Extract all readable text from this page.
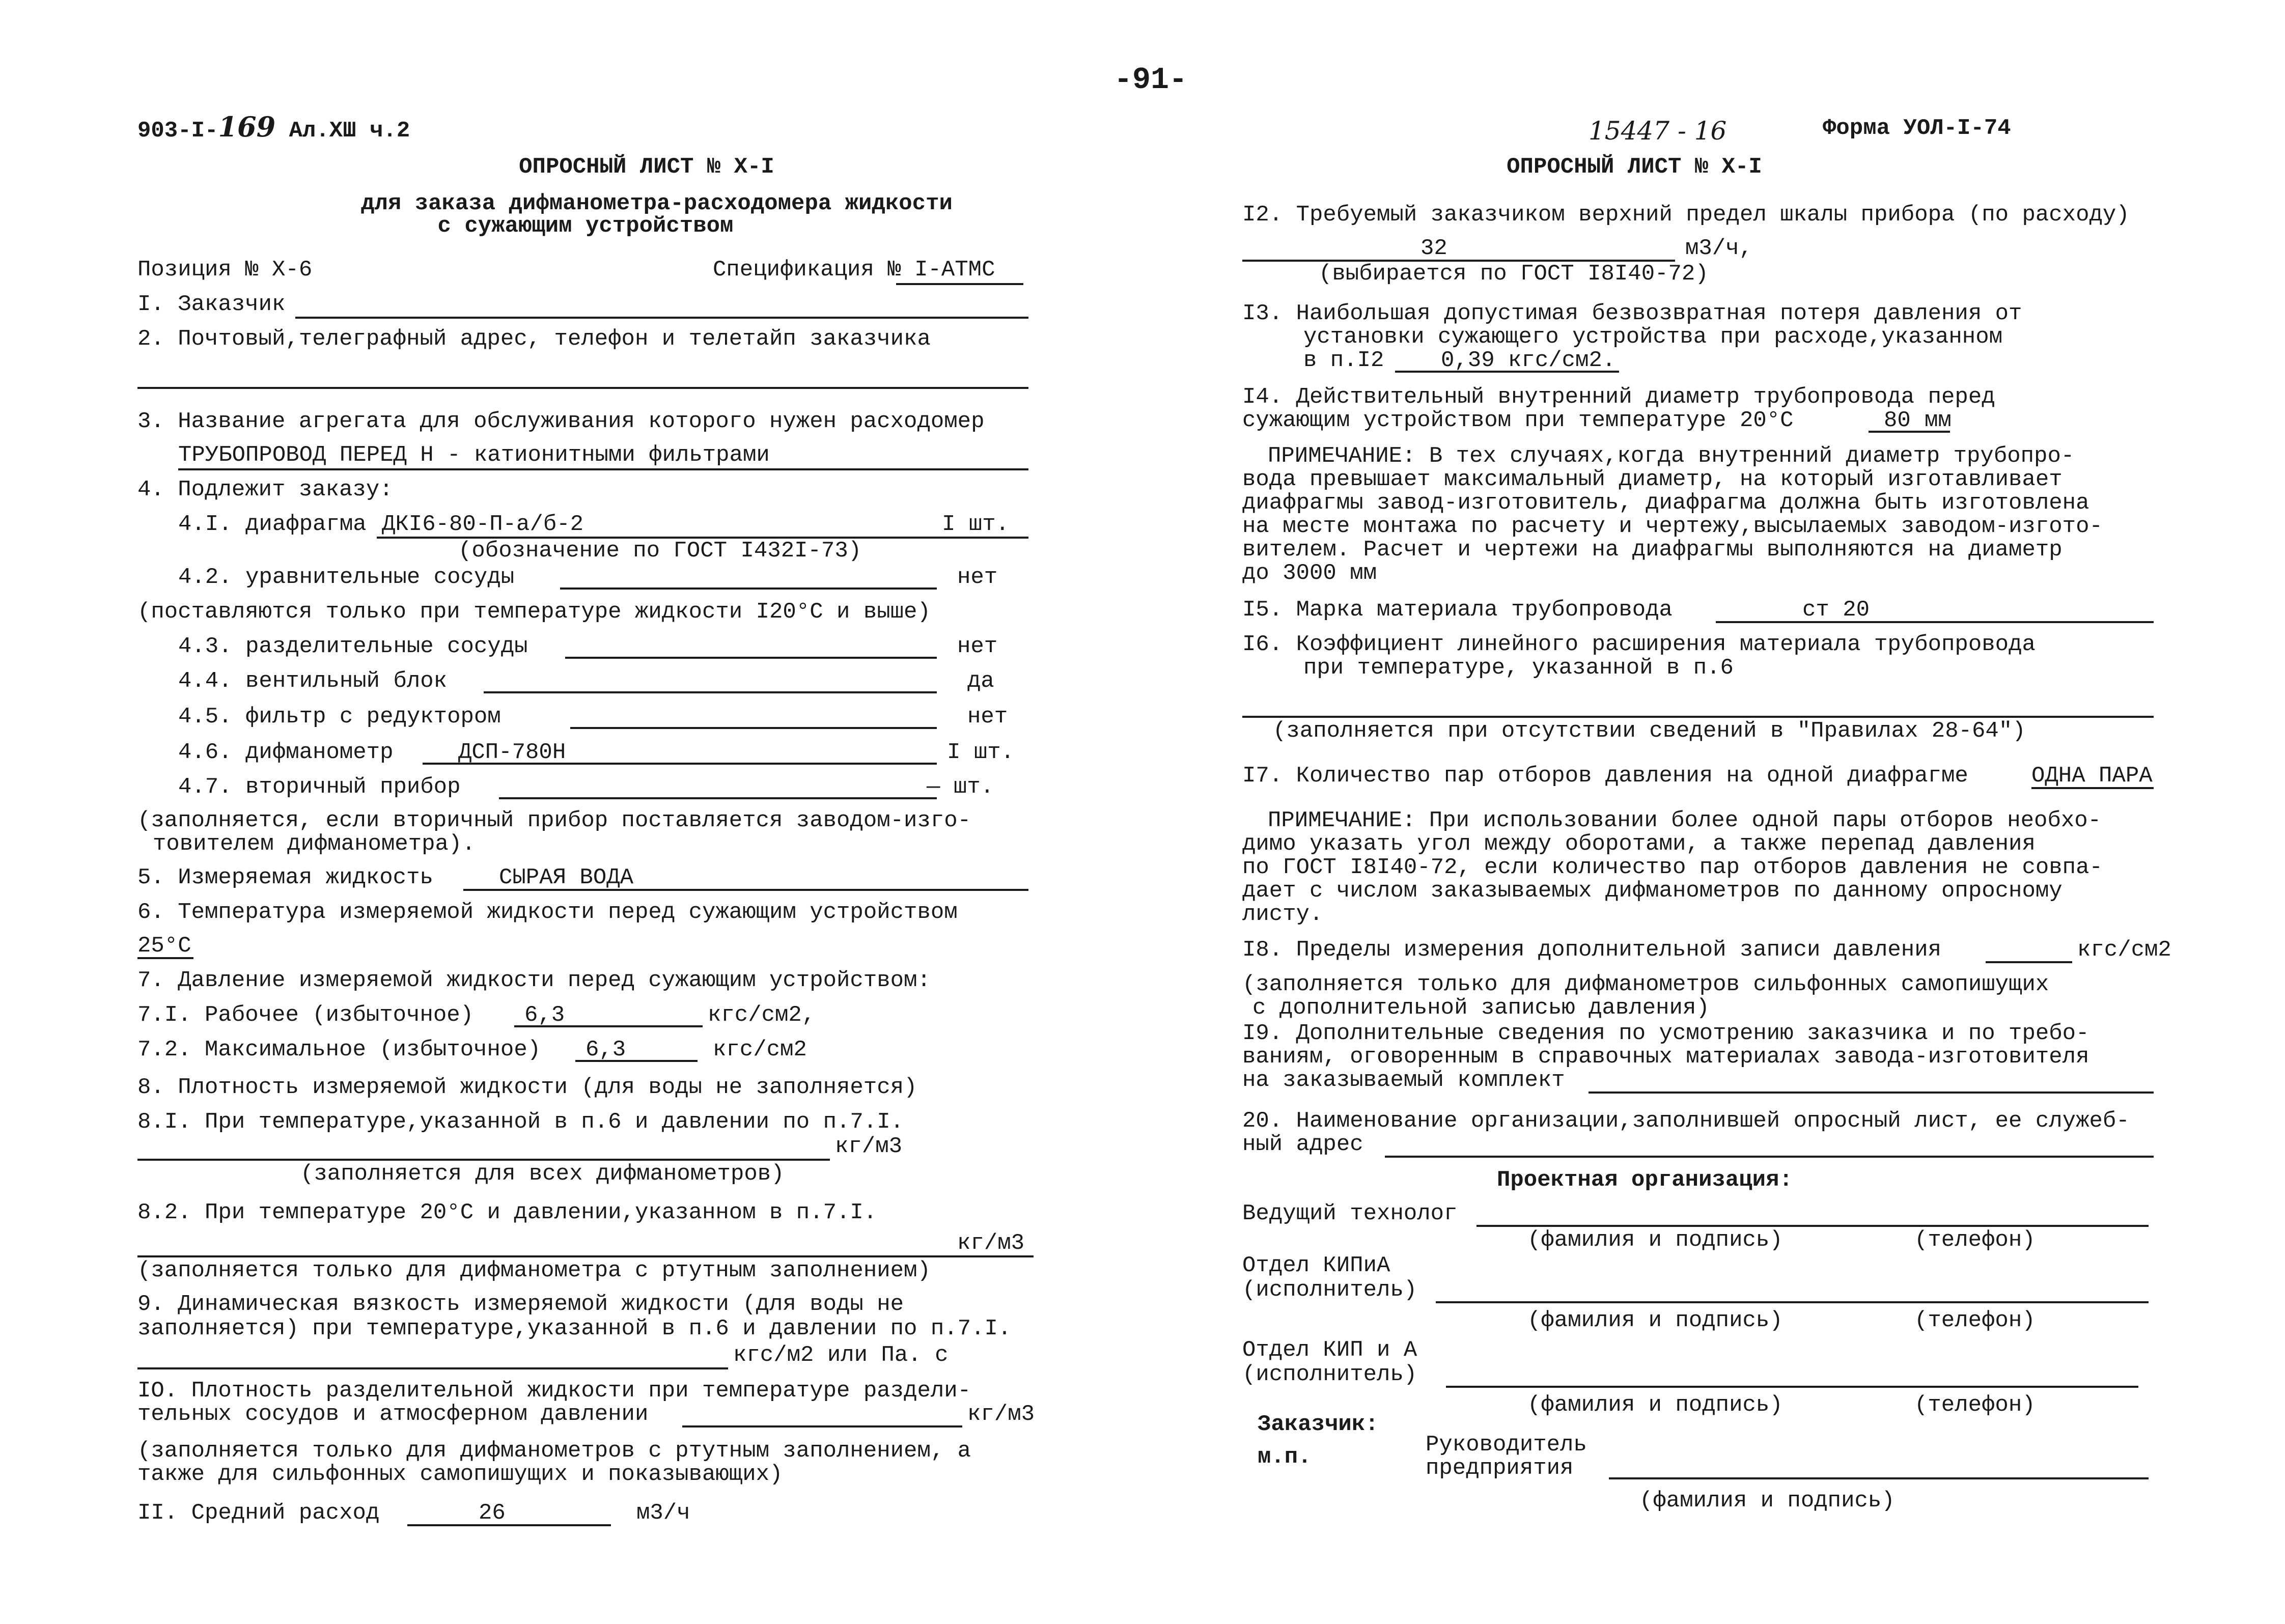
-91-
903-I-169 Ал.XШ ч.2
ОПРОСНЫЙ ЛИСТ № X-I
для заказа дифманометра-расходомера жидкости
с сужающим устройством
Позиция № X-6	Спецификация № I-АТМС
I. Заказчик
2. Почтовый,телеграфный адрес, телефон и телетайп заказчика
3. Название агрегата для обслуживания которого нужен расходомер
ТРУБОПРОВОД ПЕРЕД Н - катионитными фильтрами
4. Подлежит заказу:
4.I. диафрагма ДКI6-80-П-а/б-2	I шт.
(обозначение по ГОСТ I432I-73)
4.2. уравнительные сосуды	нет
(поставляются только при температуре жидкости I20°С и выше)
4.3. разделительные сосуды	нет
4.4. вентильный блок	да
4.5. фильтр с редуктором	нет
4.6. дифманометр	ДСП-780Н	I шт.
4.7. вторичный прибор	— шт.
(заполняется, если вторичный прибор поставляется заводом-изго-
товителем дифманометра).
5. Измеряемая жидкость	СЫРАЯ ВОДА
6. Температура измеряемой жидкости перед сужающим устройством
25°С
7. Давление измеряемой жидкости перед сужающим устройством:
7.I. Рабочее (избыточное) 6,3	кгс/см2,
7.2. Максимальное (избыточное) 6,3	кгс/см2
8. Плотность измеряемой жидкости (для воды не заполняется)
8.I. При температуре,указанной в п.6 и давлении по п.7.I.
кг/м3
(заполняется для всех дифманометров)
8.2. При температуре 20°С и давлении,указанном в п.7.I.
кг/м3
(заполняется только для дифманометра с ртутным заполнением)
9. Динамическая вязкость измеряемой жидкости (для воды не
заполняется) при температуре,указанной в п.6 и давлении по п.7.I.
кгс/м2 или Па. с
IO. Плотность разделительной жидкости при температуре раздели-
тельных сосудов и атмосферном давлении	кг/м3
(заполняется только для дифманометров с ртутным заполнением, а
также для сильфонных самопишущих и показывающих)
II. Средний расход	26	м3/ч
15447 - 16	Форма УОЛ-I-74
ОПРОСНЫЙ ЛИСТ № X-I
I2. Требуемый заказчиком верхний предел шкалы прибора (по расходу)
32	м3/ч,
(выбирается по ГОСТ I8I40-72)
I3. Наибольшая допустимая безвозвратная потеря давления от
установки сужающего устройства при расходе,указанном
в п.I2	0,39 кгс/см2.
I4. Действительный внутренний диаметр трубопровода перед
сужающим устройством при температуре 20°С	80 мм
ПРИМЕЧАНИЕ: В тех случаях,когда внутренний диаметр трубопро-
вода превышает максимальный диаметр, на который изготавливает
диафрагмы завод-изготовитель, диафрагма должна быть изготовлена
на месте монтажа по расчету и чертежу,высылаемых заводом-изгото-
вителем. Расчет и чертежи на диафрагмы выполняются на диаметр
до 3000 мм
I5. Марка материала трубопровода	ст 20
I6. Коэффициент линейного расширения материала трубопровода
при температуре, указанной в п.6
(заполняется при отсутствии сведений в "Правилах 28-64")
I7. Количество пар отборов давления на одной диафрагме	ОДНА ПАРА
ПРИМЕЧАНИЕ: При использовании более одной пары отборов необхо-
димо указать угол между оборотами, а также перепад давления
по ГОСТ I8I40-72, если количество пар отборов давления не совпа-
дает с числом заказываемых дифманометров по данному опросному
листу.
I8. Пределы измерения дополнительной записи давления	кгс/см2
(заполняется только для дифманометров сильфонных самопишущих
с дополнительной записью давления)
I9. Дополнительные сведения по усмотрению заказчика и по требо-
ваниям, оговоренным в справочных материалах завода-изготовителя
на заказываемый комплект
20. Наименование организации,заполнившей опросный лист, ее служеб-
ный адрес
Проектная организация:
Ведущий технолог
(фамилия и подпись)	(телефон)
Отдел КИПиА
(исполнитель)
(фамилия и подпись)	(телефон)
Отдел КИП и А
(исполнитель)
(фамилия и подпись)	(телефон)
Заказчик:
м.п.	Руководитель
предприятия
(фамилия и подпись)
